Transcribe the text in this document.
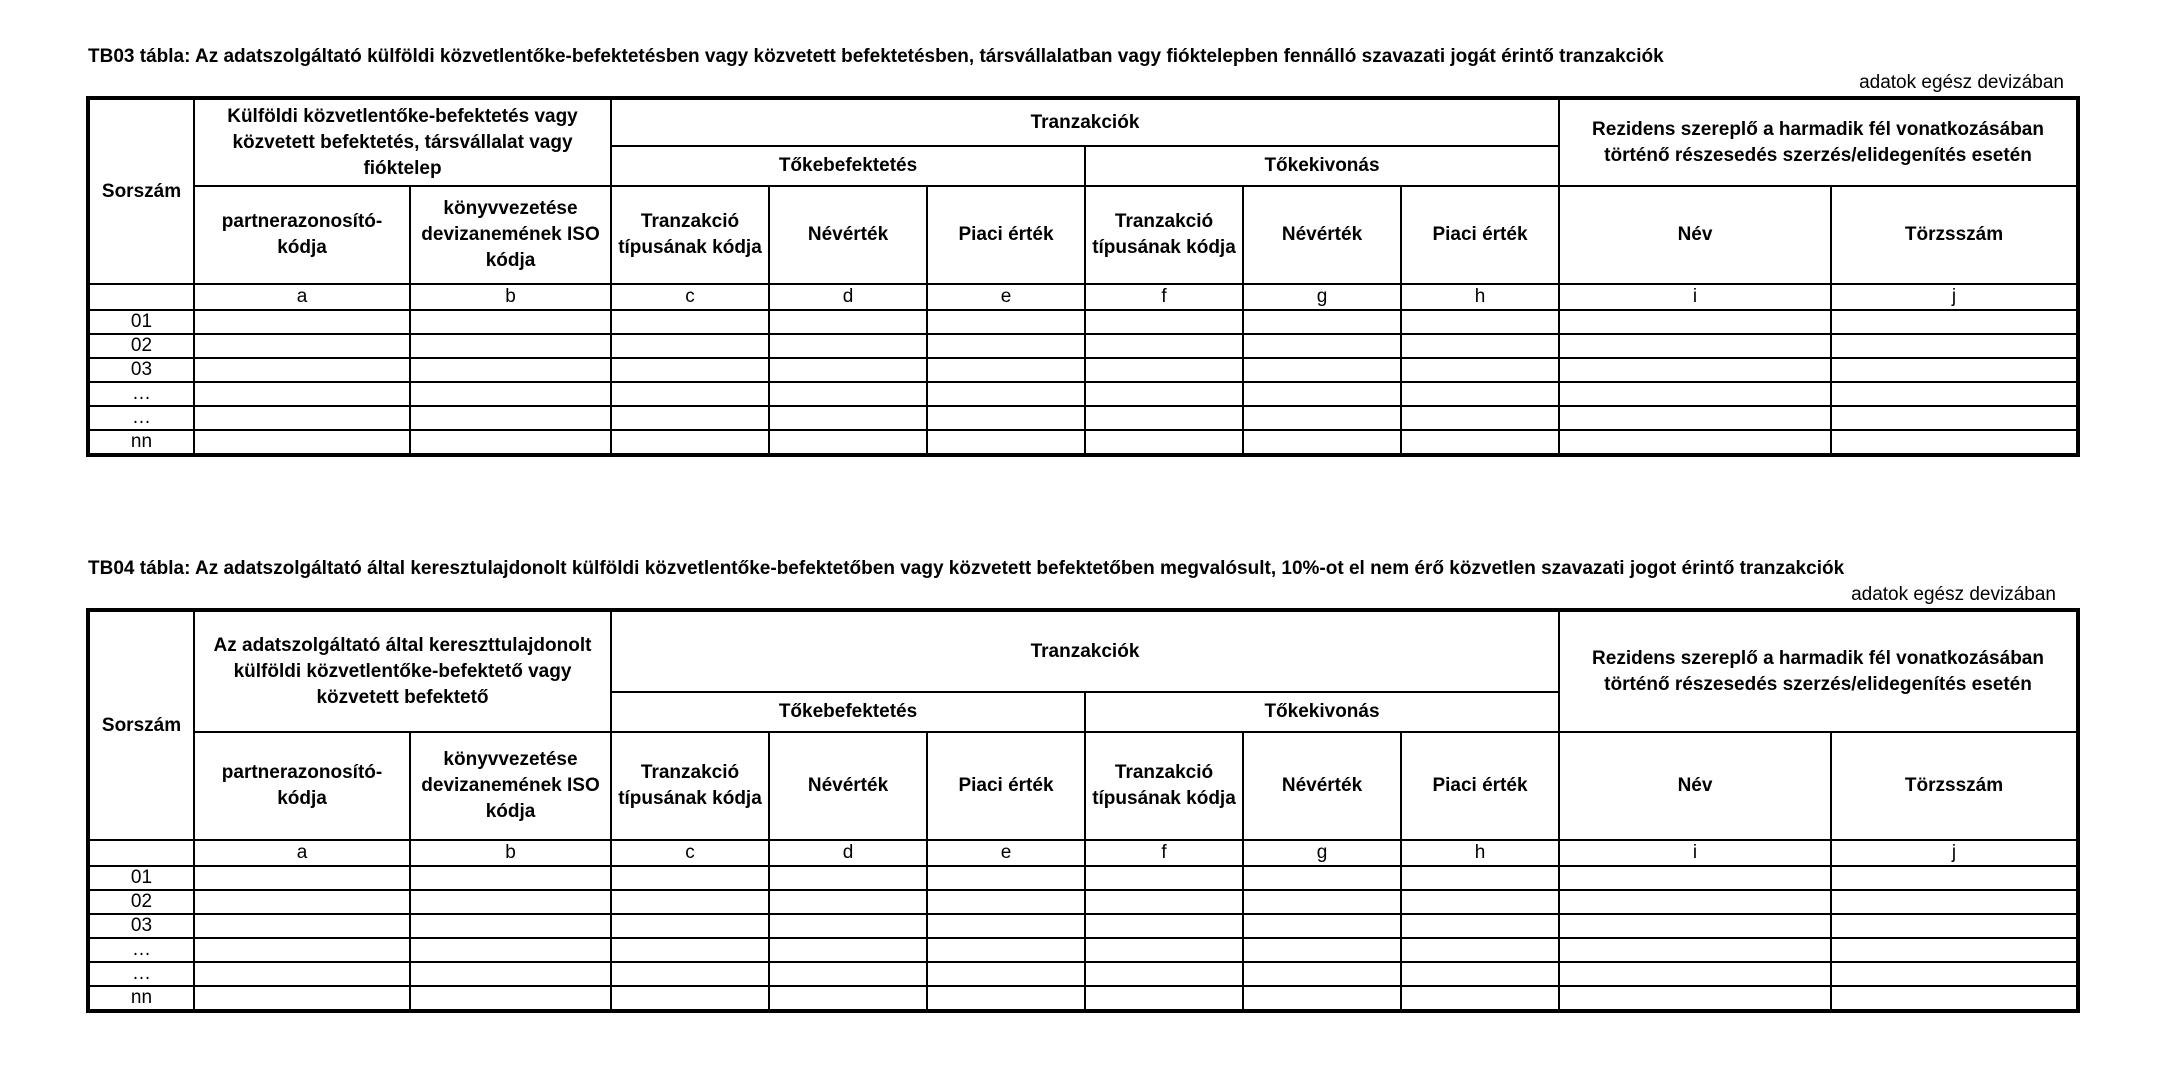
TB03 tábla: Az adatszolgáltató külföldi közvetlentőke-befektetésben vagy közvetett befektetésben, társvállalatban vagy fióktelepben fennálló szavazati jogát érintő tranzakciók
adatok egész devizában
Sorszám	Külföldi közvetlentőke-befektetés vagy közvetett befektetés, társvállalat vagy fióktelep		Tranzakciók						Rezidens szereplő a harmadik fél vonatkozásában történő részesedés szerzés/elidegenítés esetén	
			Tőkebefektetés			Tőkekivonás				
	partnerazonosító-kódja	könyvvezetése devizanemének ISO kódja	Tranzakció típusának kódja	Névérték	Piaci érték	Tranzakció típusának kódja	Névérték	Piaci érték	Név	Törzsszám
	a	b	c	d	e	f	g	h	i	j
01										
02										
03										
…										
…										
nn										
TB04 tábla: Az adatszolgáltató által keresztulajdonolt külföldi közvetlentőke-befektetőben vagy közvetett befektetőben megvalósult, 10%-ot el nem érő közvetlen szavazati jogot érintő tranzakciók
adatok egész devizában
Sorszám	Az adatszolgáltató által kereszttulajdonolt külföldi közvetlentőke-befektető vagy közvetett befektető		Tranzakciók						Rezidens szereplő a harmadik fél vonatkozásában történő részesedés szerzés/elidegenítés esetén	
			Tőkebefektetés			Tőkekivonás				
	partnerazonosító-kódja	könyvvezetése devizanemének ISO kódja	Tranzakció típusának kódja	Névérték	Piaci érték	Tranzakció típusának kódja	Névérték	Piaci érték	Név	Törzsszám
	a	b	c	d	e	f	g	h	i	j
01										
02										
03										
…										
…										
nn										
